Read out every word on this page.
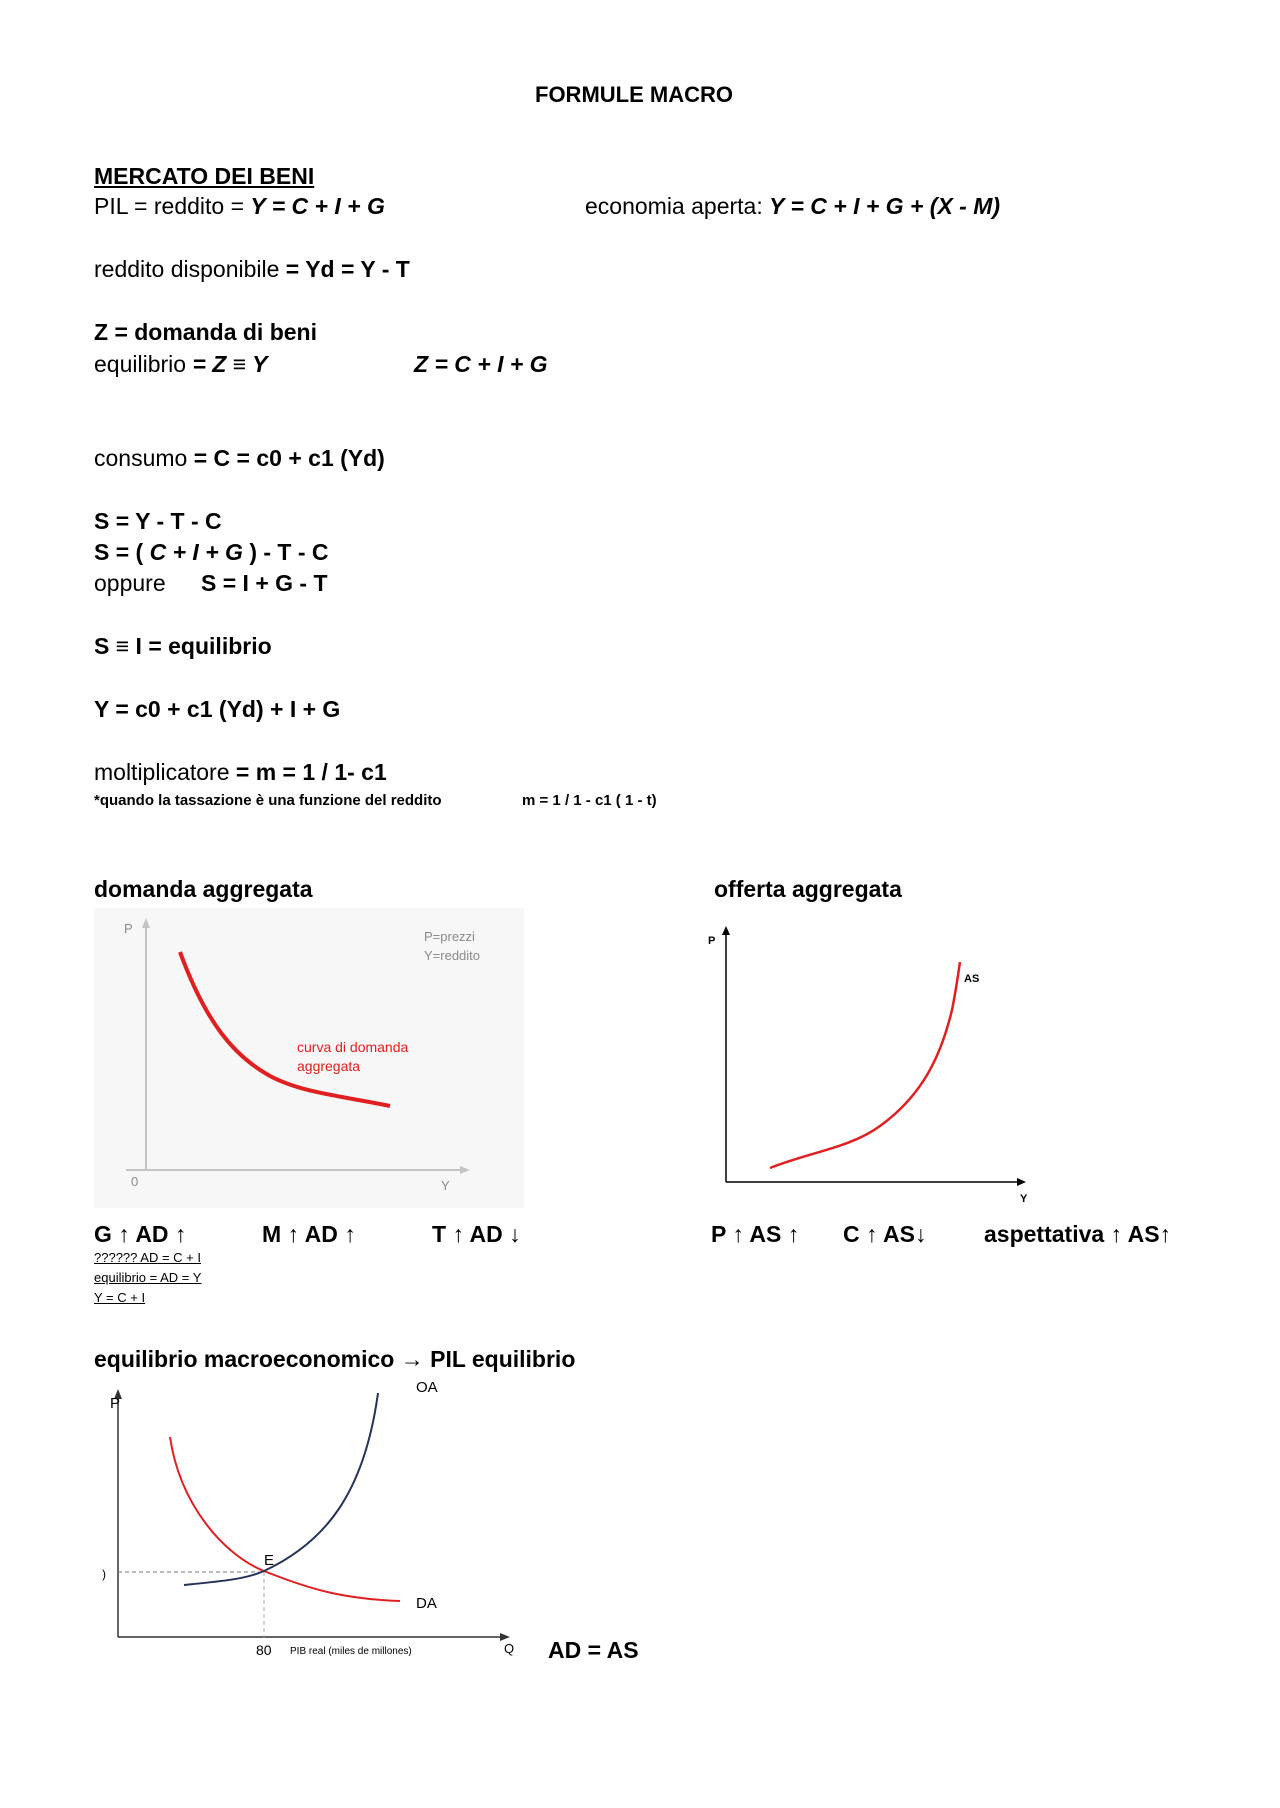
FORMULE MACRO
MERCATO DEI BENI
PIL = reddito = Y = C + I + G	economia aperta: Y = C + I + G + (X - M)
reddito disponibile = Yd = Y - T
Z = domanda di beni
equilibrio = Z ≡ Y	Z = C + I + G
consumo = C = c0 + c1 (Yd)
S = Y - T - C
S = ( C + I + G ) - T - C
oppure S = I + G - T
S ≡ I = equilibrio
Y = c0 + c1 (Yd) + I + G
moltiplicatore = m = 1 / 1- c1
*quando la tassazione è una funzione del reddito	m = 1 / 1 - c1 ( 1 - t)
domanda aggregata
P
Y
0
P=prezzi
Y=reddito
curva di domanda
aggregata
G ↑ AD ↑	M ↑ AD ↑	T ↑ AD ↓
?????? AD = C + I
equilibrio = AD = Y
Y = C + I
offerta aggregata
P
Y
AS
P ↑ AS ↑ C ↑ AS↓	aspettativa ↑ AS↑
equilibrio macroeconomico → PIL equilibrio
P
)
Q
OA
DA
E
80 PIB real (miles de millones)	AD = AS
